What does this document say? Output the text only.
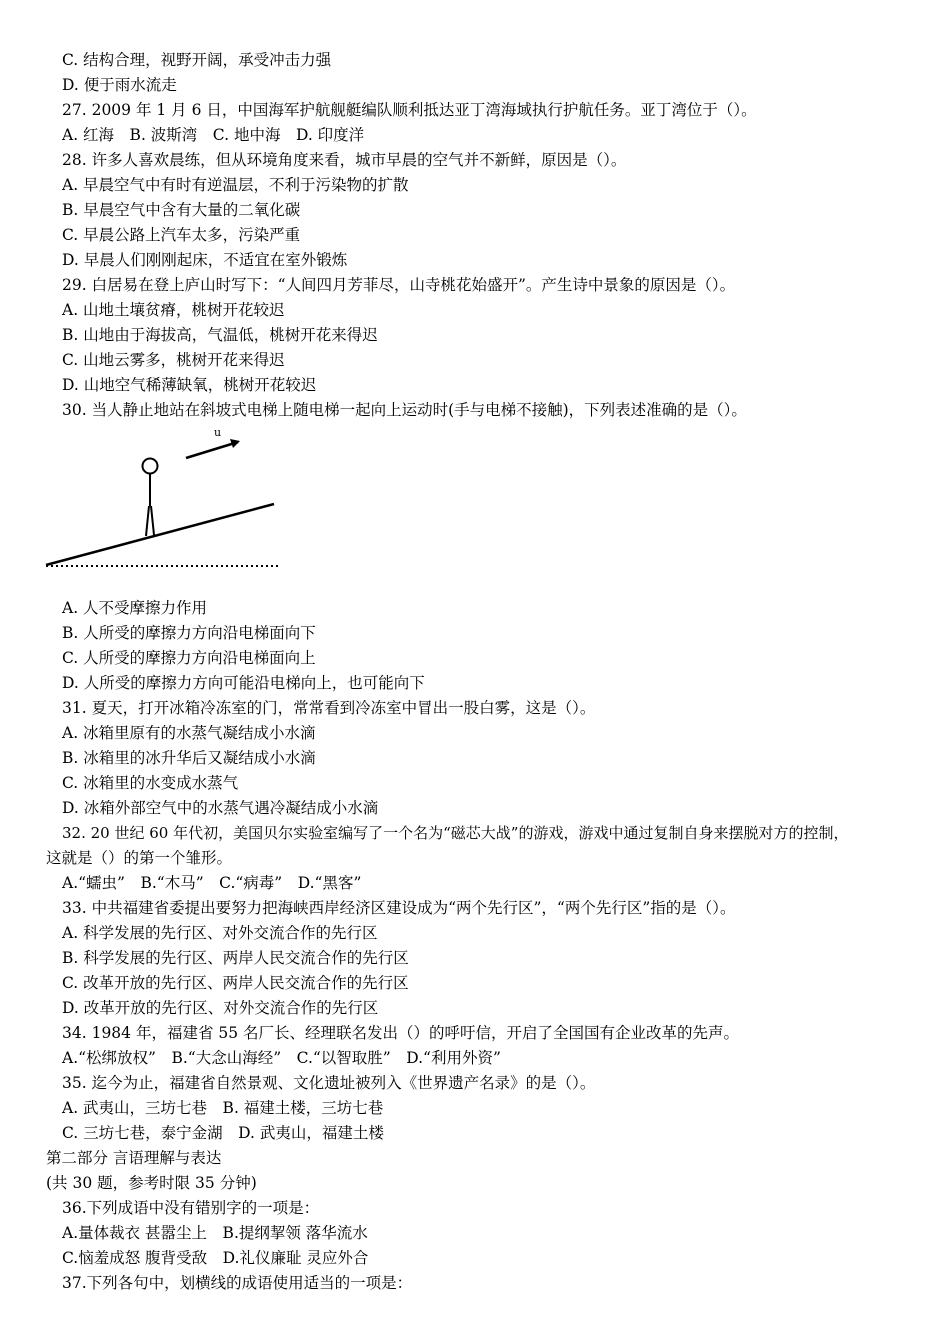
C. 结构合理，视野开阔，承受冲击力强
D. 便于雨水流走
27. 2009 年 1 月 6 日，中国海军护航舰艇编队顺利抵达亚丁湾海域执行护航任务。亚丁湾位于（）。
A. 红海　B. 波斯湾　C. 地中海　D. 印度洋
28. 许多人喜欢晨练，但从环境角度来看，城市早晨的空气并不新鲜，原因是（）。
A. 早晨空气中有时有逆温层，不利于污染物的扩散
B. 早晨空气中含有大量的二氧化碳
C. 早晨公路上汽车太多，污染严重
D. 早晨人们刚刚起床，不适宜在室外锻炼
29. 白居易在登上庐山时写下：“人间四月芳菲尽，山寺桃花始盛开”。产生诗中景象的原因是（）。
A. 山地土壤贫瘠，桃树开花较迟
B. 山地由于海拔高，气温低，桃树开花来得迟
C. 山地云雾多，桃树开花来得迟
D. 山地空气稀薄缺氧，桃树开花较迟
30. 当人静止地站在斜坡式电梯上随电梯一起向上运动时(手与电梯不接触)，下列表述准确的是（）。
u
A. 人不受摩擦力作用
B. 人所受的摩擦力方向沿电梯面向下
C. 人所受的摩擦力方向沿电梯面向上
D. 人所受的摩擦力方向可能沿电梯向上，也可能向下
31. 夏天，打开冰箱冷冻室的门，常常看到冷冻室中冒出一股白雾，这是（）。
A. 冰箱里原有的水蒸气凝结成小水滴
B. 冰箱里的冰升华后又凝结成小水滴
C. 冰箱里的水变成水蒸气
D. 冰箱外部空气中的水蒸气遇冷凝结成小水滴
32. 20 世纪 60 年代初，美国贝尔实验室编写了一个名为“磁芯大战”的游戏，游戏中通过复制自身来摆脱对方的控制，
这就是（）的第一个雏形。
A.“蠕虫”　B.“木马”　C.“病毒”　D.“黑客”
33. 中共福建省委提出要努力把海峡西岸经济区建设成为“两个先行区”，“两个先行区”指的是（）。
A. 科学发展的先行区、对外交流合作的先行区
B. 科学发展的先行区、两岸人民交流合作的先行区
C. 改革开放的先行区、两岸人民交流合作的先行区
D. 改革开放的先行区、对外交流合作的先行区
34. 1984 年，福建省 55 名厂长、经理联名发出（）的呼吁信，开启了全国国有企业改革的先声。
A.“松绑放权”　B.“大念山海经”　C.“以智取胜”　D.“利用外资”
35. 迄今为止，福建省自然景观、文化遗址被列入《世界遗产名录》的是（）。
A. 武夷山，三坊七巷　B. 福建土楼，三坊七巷
C. 三坊七巷，泰宁金湖　D. 武夷山，福建土楼
第二部分 言语理解与表达
(共 30 题，参考时限 35 分钟)
36.下列成语中没有错别字的一项是：
A.量体裁衣 甚嚣尘上　B.提纲挈领 落华流水
C.恼羞成怒 腹背受敌　D.礼仪廉耻 灵应外合
37.下列各句中，划横线的成语使用适当的一项是：
